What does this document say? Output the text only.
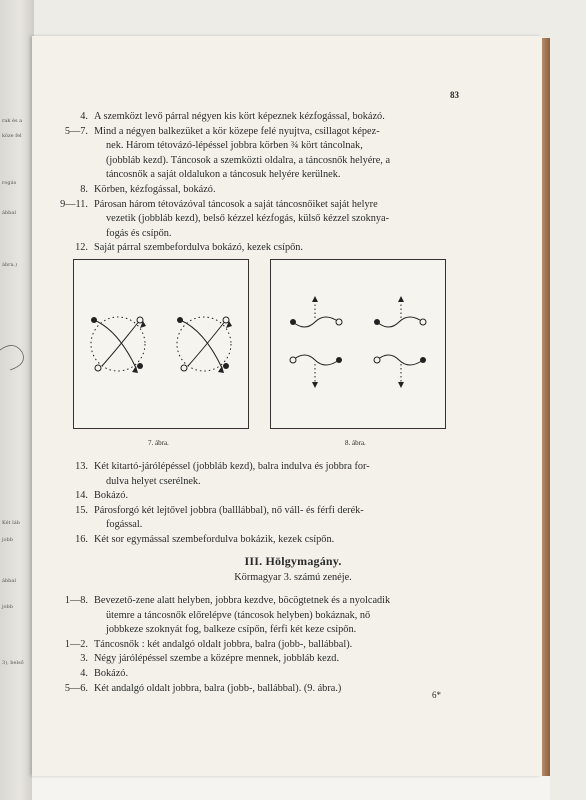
rak és a
köze fel
rogás
ábbal
ábra.)
Két láb
jobb
ábbal
jobb
3), belső
83
4. A szemközt levő párral négyen kis kört képeznek kézfogással, bokázó.
5—7. Mind a négyen balkezüket a kör közepe felé nyujtva, csillagot képez-
nek. Három tétovázó-lépéssel jobbra körben ¾ kört táncolnak,
(jobbláb kezd). Táncosok a szemközti oldalra, a táncosnők helyére, a
táncosnők a saját oldalukon a táncosuk helyére kerülnek.
8. Körben, kézfogással, bokázó.
9—11. Párosan három tétovázóval táncosok a saját táncosnőiket saját helyre
vezetik (jobbláb kezd), belső kézzel kézfogás, külső kézzel szoknya-
fogás és csípőn.
12. Saját párral szembefordulva bokázó, kezek csípőn.
7. ábra.	8. ábra.
13. Két kitartó-járólépéssel (jobbláb kezd), balra indulva és jobbra for-
dulva helyet cserélnek.
14. Bokázó.
15. Párosforgó két lejtővel jobbra (balllábbal), nő váll- és férfi derék-
fogással.
16. Két sor egymással szembefordulva bokázik, kezek csípőn.
III. Hölgymagány.
Körmagyar 3. számú zenéje.
1—8. Bevezető-zene alatt helyben, jobbra kezdve, böcögtetnek és a nyolcadik
ütemre a táncosnők előrelépve (táncosok helyben) bokáznak, nő
jobbkeze szoknyát fog, balkeze csípőn, férfi két keze csípőn.
1—2. Táncosnők : két andalgó oldalt jobbra, balra (jobb-, ballábbal).
3. Négy járólépéssel szembe a középre mennek, jobbláb kezd.
4. Bokázó.
5—6. Két andalgó oldalt jobbra, balra (jobb-, ballábbal). (9. ábra.)
6*
